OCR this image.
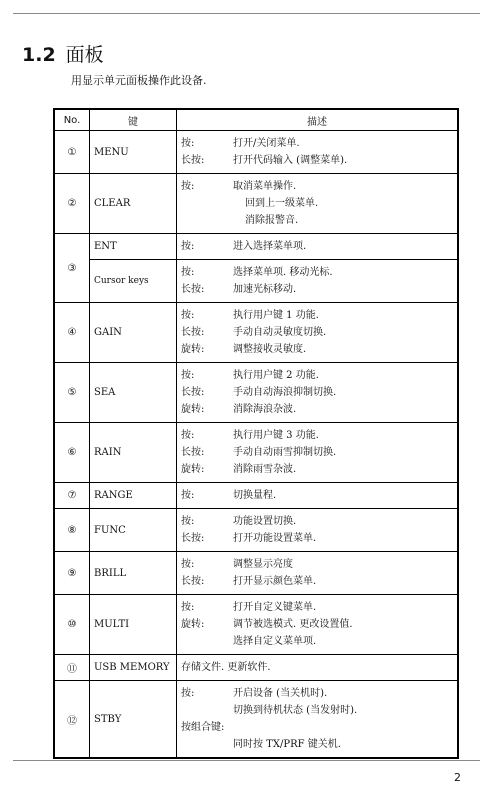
1.2 面板
用显示单元面板操作此设备.
No.	键	描述
①	MENU	按: 打开/关闭菜单.
长按: 打开代码输入 (调整菜单).

②	CLEAR	按: 取消菜单操作.
回到上一级菜单.
消除报警音.

③	ENT	按: 进入选择菜单项.

	Cursor keys	按: 选择菜单项. 移动光标.
长按: 加速光标移动.

④	GAIN	按: 执行用户键 1 功能.
长按: 手动自动灵敏度切换.
旋转: 调整接收灵敏度.

⑤	SEA	按: 执行用户键 2 功能.
长按: 手动自动海浪抑制切换.
旋转: 消除海浪杂波.

⑥	RAIN	按: 执行用户键 3 功能.
长按: 手动自动雨雪抑制切换.
旋转: 消除雨雪杂波.

⑦	RANGE	按: 切换量程.

⑧	FUNC	按: 功能设置切换.
长按: 打开功能设置菜单.

⑨	BRILL	按: 调整显示亮度
长按: 打开显示颜色菜单.

⑩	MULTI	按: 打开自定义键菜单.
旋转: 调节被选模式. 更改设置值.
选择自定义菜单项.

⑪	USB MEMORY	存储文件. 更新软件.

⑫	STBY	按: 开启设备 (当关机时).
切换到待机状态 (当发射时).
按组合键:
同时按 TX/PRF 键关机.
2
